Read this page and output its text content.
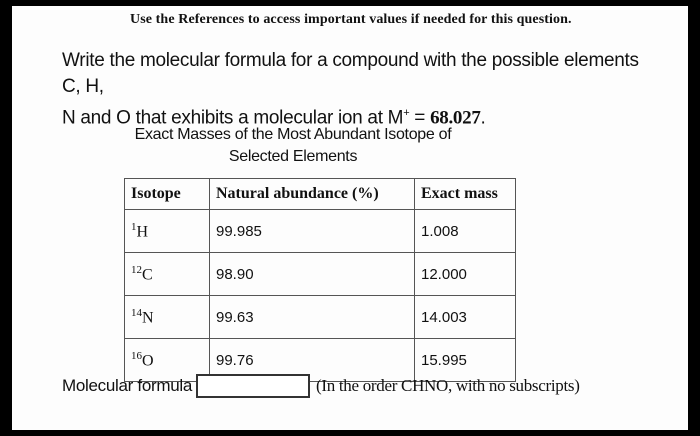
Use the References to access important values if needed for this question.
Write the molecular formula for a compound with the possible elements C, H,
N and O that exhibits a molecular ion at M+ = 68.027.
Exact Masses of the Most Abundant Isotope of
Selected Elements
Isotope	Natural abundance (%)	Exact mass
$^1$H	99.985	1.008
$^{12}$C	98.90	12.000
$^{14}$N	99.63	14.003
$^{16}$O	99.76	15.995
Molecular formula	(In the order CHNO, with no subscripts)
